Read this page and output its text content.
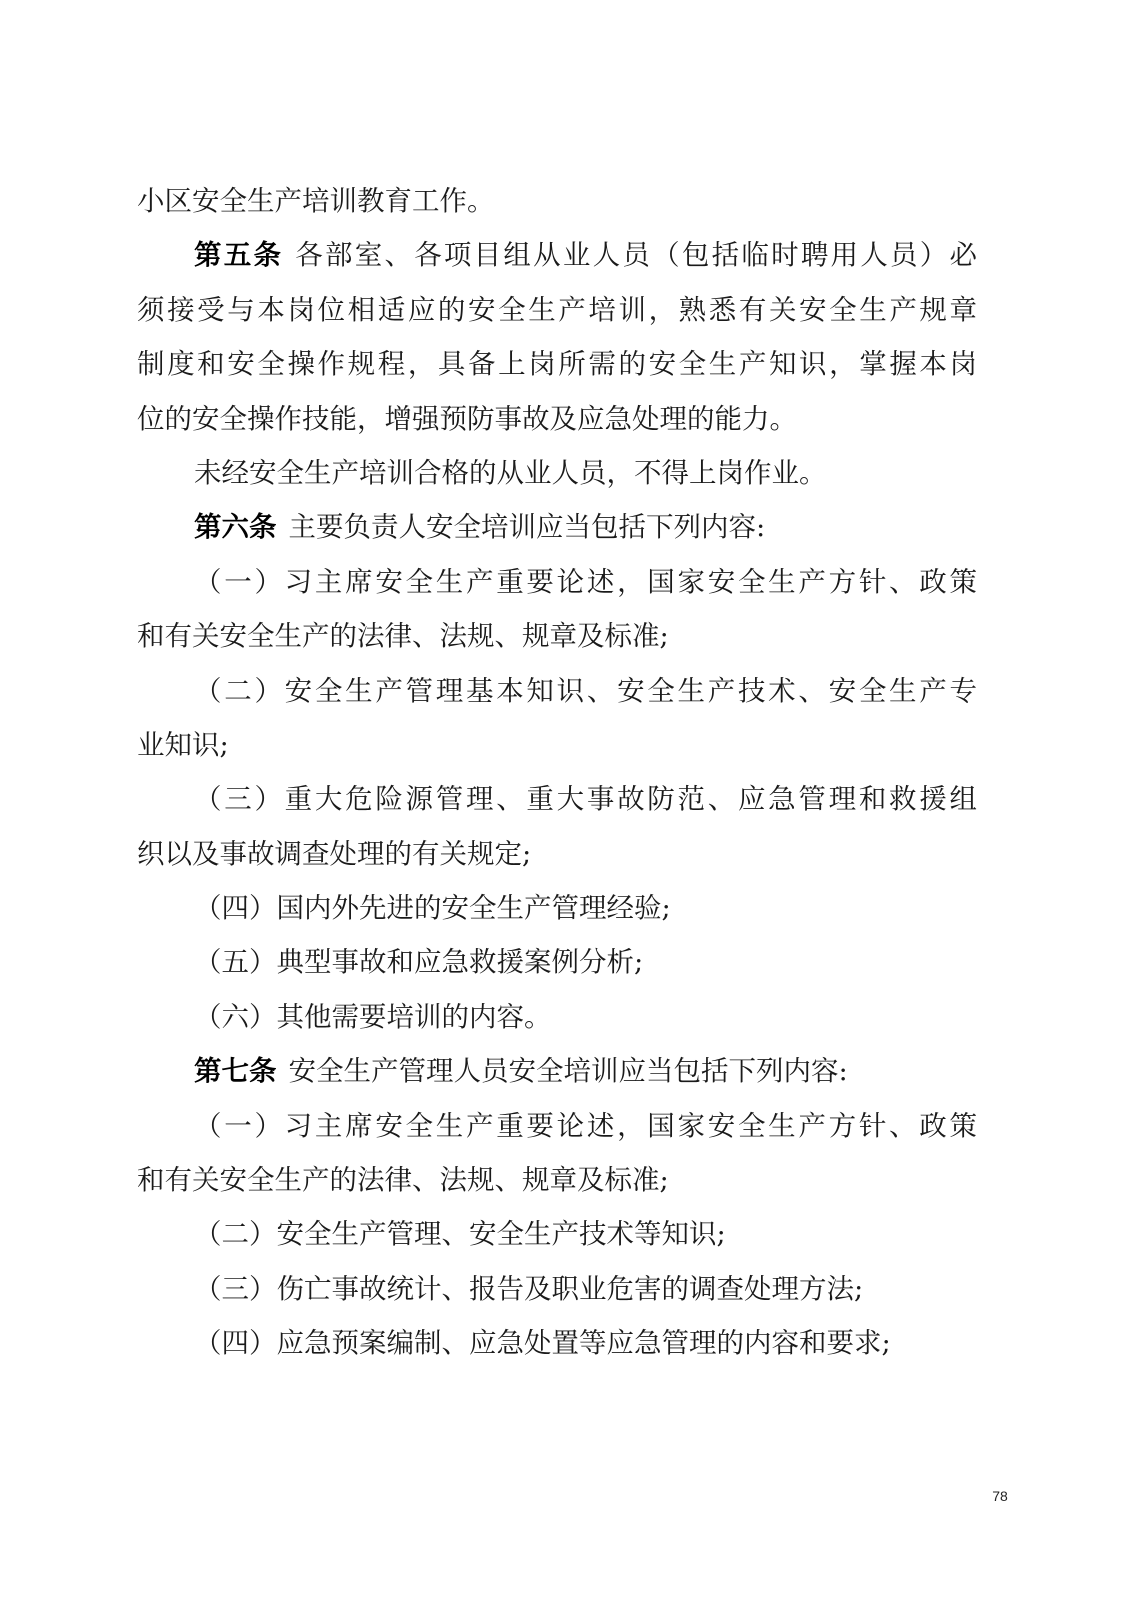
小区安全生产培训教育工作。
第五条 各部室、各项目组从业人员（包括临时聘用人员）必
须接受与本岗位相适应的安全生产培训，熟悉有关安全生产规章
制度和安全操作规程，具备上岗所需的安全生产知识，掌握本岗
位的安全操作技能，增强预防事故及应急处理的能力。
未经安全生产培训合格的从业人员，不得上岗作业。
第六条 主要负责人安全培训应当包括下列内容:
（一）习主席安全生产重要论述，国家安全生产方针、政策
和有关安全生产的法律、法规、规章及标准;
（二）安全生产管理基本知识、安全生产技术、安全生产专
业知识;
（三）重大危险源管理、重大事故防范、应急管理和救援组
织以及事故调查处理的有关规定;
（四）国内外先进的安全生产管理经验;
（五）典型事故和应急救援案例分析;
（六）其他需要培训的内容。
第七条 安全生产管理人员安全培训应当包括下列内容:
（一）习主席安全生产重要论述，国家安全生产方针、政策
和有关安全生产的法律、法规、规章及标准;
（二）安全生产管理、安全生产技术等知识;
（三）伤亡事故统计、报告及职业危害的调查处理方法;
（四）应急预案编制、应急处置等应急管理的内容和要求;
78
